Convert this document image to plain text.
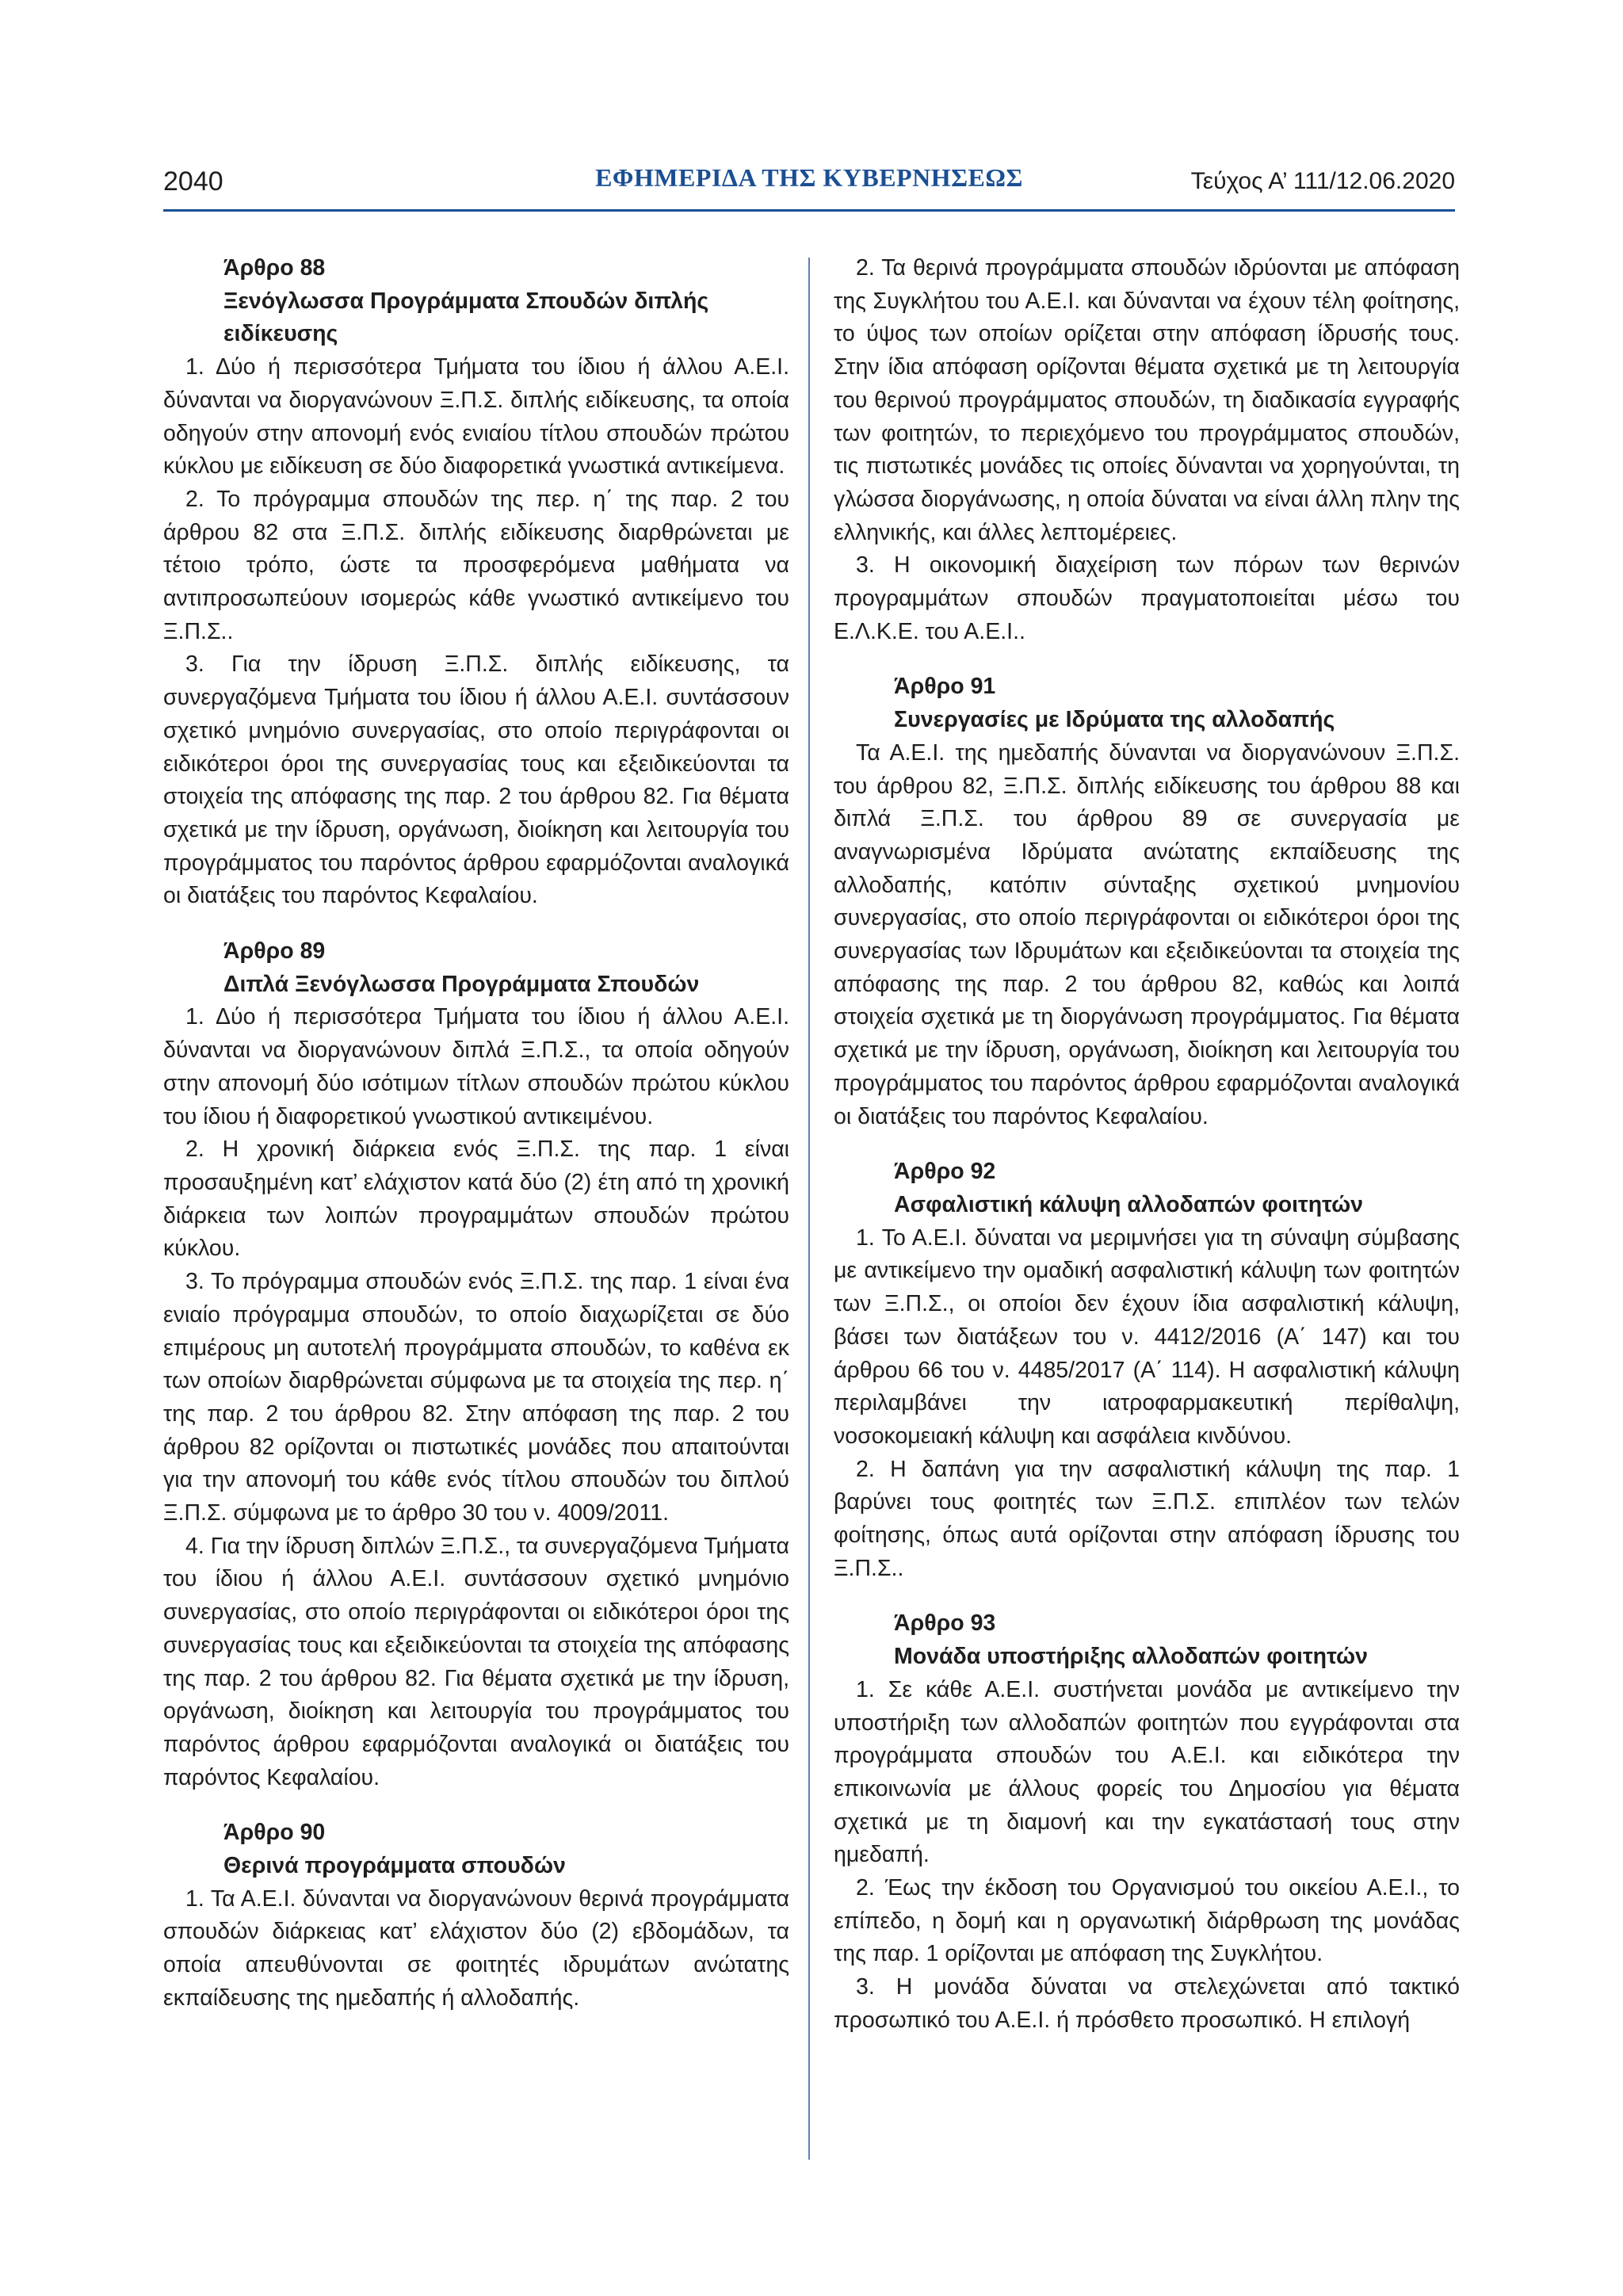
2040	ΕΦΗΜΕΡΙΔΑ ΤΗΣ ΚΥΒΕΡΝΗΣΕΩΣ	Τεύχος Α’ 111/12.06.2020
Άρθρο 88
Ξενόγλωσσα Προγράμματα Σπουδών διπλής ειδίκευσης

1. Δύο ή περισσότερα Τμήματα του ίδιου ή άλλου Α.Ε.Ι. δύνανται να διοργανώνουν Ξ.Π.Σ. διπλής ειδίκευσης, τα οποία οδηγούν στην απονομή ενός ενιαίου τίτλου σπουδών πρώτου κύκλου με ειδίκευση σε δύο διαφορετικά γνωστικά αντικείμενα.

2. Το πρόγραμμα σπουδών της περ. η΄ της παρ. 2 του άρθρου 82 στα Ξ.Π.Σ. διπλής ειδίκευσης διαρθρώνεται με τέτοιο τρόπο, ώστε τα προσφερόμενα μαθήματα να αντιπροσωπεύουν ισομερώς κάθε γνωστικό αντικείμενο του Ξ.Π.Σ..

3. Για την ίδρυση Ξ.Π.Σ. διπλής ειδίκευσης, τα συνεργαζόμενα Τμήματα του ίδιου ή άλλου Α.Ε.Ι. συντάσσουν σχετικό μνημόνιο συνεργασίας, στο οποίο περιγράφονται οι ειδικότεροι όροι της συνεργασίας τους και εξειδικεύονται τα στοιχεία της απόφασης της παρ. 2 του άρθρου 82. Για θέματα σχετικά με την ίδρυση, οργάνωση, διοίκηση και λειτουργία του προγράμματος του παρόντος άρθρου εφαρμόζονται αναλογικά οι διατάξεις του παρόντος Κεφαλαίου.

Άρθρο 89
Διπλά Ξενόγλωσσα Προγράμματα Σπουδών

1. Δύο ή περισσότερα Τμήματα του ίδιου ή άλλου Α.Ε.Ι. δύνανται να διοργανώνουν διπλά Ξ.Π.Σ., τα οποία οδηγούν στην απονομή δύο ισότιμων τίτλων σπουδών πρώτου κύκλου του ίδιου ή διαφορετικού γνωστικού αντικειμένου.

2. Η χρονική διάρκεια ενός Ξ.Π.Σ. της παρ. 1 είναι προσαυξημένη κατ’ ελάχιστον κατά δύο (2) έτη από τη χρονική διάρκεια των λοιπών προγραμμάτων σπουδών πρώτου κύκλου.

3. Το πρόγραμμα σπουδών ενός Ξ.Π.Σ. της παρ. 1 είναι ένα ενιαίο πρόγραμμα σπουδών, το οποίο διαχωρίζεται σε δύο επιμέρους μη αυτοτελή προγράμματα σπουδών, το καθένα εκ των οποίων διαρθρώνεται σύμφωνα με τα στοιχεία της περ. η΄ της παρ. 2 του άρθρου 82. Στην απόφαση της παρ. 2 του άρθρου 82 ορίζονται οι πιστωτικές μονάδες που απαιτούνται για την απονομή του κάθε ενός τίτλου σπουδών του διπλού Ξ.Π.Σ. σύμφωνα με το άρθρο 30 του ν. 4009/2011.

4. Για την ίδρυση διπλών Ξ.Π.Σ., τα συνεργαζόμενα Τμήματα του ίδιου ή άλλου Α.Ε.Ι. συντάσσουν σχετικό μνημόνιο συνεργασίας, στο οποίο περιγράφονται οι ειδικότεροι όροι της συνεργασίας τους και εξειδικεύονται τα στοιχεία της απόφασης της παρ. 2 του άρθρου 82. Για θέματα σχετικά με την ίδρυση, οργάνωση, διοίκηση και λειτουργία του προγράμματος του παρόντος άρθρου εφαρμόζονται αναλογικά οι διατάξεις του παρόντος Κεφαλαίου.

Άρθρο 90
Θερινά προγράμματα σπουδών

1. Τα Α.Ε.Ι. δύνανται να διοργανώνουν θερινά προγράμματα σπουδών διάρκειας κατ’ ελάχιστον δύο (2) εβδομάδων, τα οποία απευθύνονται σε φοιτητές ιδρυμάτων ανώτατης εκπαίδευσης της ημεδαπής ή αλλοδαπής.

2. Τα θερινά προγράμματα σπουδών ιδρύονται με απόφαση της Συγκλήτου του Α.Ε.Ι. και δύνανται να έχουν τέλη φοίτησης, το ύψος των οποίων ορίζεται στην απόφαση ίδρυσής τους. Στην ίδια απόφαση ορίζονται θέματα σχετικά με τη λειτουργία του θερινού προγράμματος σπουδών, τη διαδικασία εγγραφής των φοιτητών, το περιεχόμενο του προγράμματος σπουδών, τις πιστωτικές μονάδες τις οποίες δύνανται να χορηγούνται, τη γλώσσα διοργάνωσης, η οποία δύναται να είναι άλλη πλην της ελληνικής, και άλλες λεπτομέρειες.

3. Η οικονομική διαχείριση των πόρων των θερινών προγραμμάτων σπουδών πραγματοποιείται μέσω του Ε.Λ.Κ.Ε. του Α.Ε.Ι..

Άρθρο 91
Συνεργασίες με Ιδρύματα της αλλοδαπής

Τα Α.Ε.Ι. της ημεδαπής δύνανται να διοργανώνουν Ξ.Π.Σ. του άρθρου 82, Ξ.Π.Σ. διπλής ειδίκευσης του άρθρου 88 και διπλά Ξ.Π.Σ. του άρθρου 89 σε συνεργασία με αναγνωρισμένα Ιδρύματα ανώτατης εκπαίδευσης της αλλοδαπής, κατόπιν σύνταξης σχετικού μνημονίου συνεργασίας, στο οποίο περιγράφονται οι ειδικότεροι όροι της συνεργασίας των Ιδρυμάτων και εξειδικεύονται τα στοιχεία της απόφασης της παρ. 2 του άρθρου 82, καθώς και λοιπά στοιχεία σχετικά με τη διοργάνωση προγράμματος. Για θέματα σχετικά με την ίδρυση, οργάνωση, διοίκηση και λειτουργία του προγράμματος του παρόντος άρθρου εφαρμόζονται αναλογικά οι διατάξεις του παρόντος Κεφαλαίου.

Άρθρο 92
Ασφαλιστική κάλυψη αλλοδαπών φοιτητών

1. Το Α.Ε.Ι. δύναται να μεριμνήσει για τη σύναψη σύμβασης με αντικείμενο την ομαδική ασφαλιστική κάλυψη των φοιτητών των Ξ.Π.Σ., οι οποίοι δεν έχουν ίδια ασφαλιστική κάλυψη, βάσει των διατάξεων του ν. 4412/2016 (Α΄ 147) και του άρθρου 66 του ν. 4485/2017 (Α΄ 114). Η ασφαλιστική κάλυψη περιλαμβάνει την ιατροφαρμακευτική περίθαλψη, νοσοκομειακή κάλυψη και ασφάλεια κινδύνου.

2. Η δαπάνη για την ασφαλιστική κάλυψη της παρ. 1 βαρύνει τους φοιτητές των Ξ.Π.Σ. επιπλέον των τελών φοίτησης, όπως αυτά ορίζονται στην απόφαση ίδρυσης του Ξ.Π.Σ..

Άρθρο 93
Μονάδα υποστήριξης αλλοδαπών φοιτητών

1. Σε κάθε Α.Ε.Ι. συστήνεται μονάδα με αντικείμενο την υποστήριξη των αλλοδαπών φοιτητών που εγγράφονται στα προγράμματα σπουδών του Α.Ε.Ι. και ειδικότερα την επικοινωνία με άλλους φορείς του Δημοσίου για θέματα σχετικά με τη διαμονή και την εγκατάστασή τους στην ημεδαπή.

2. Έως την έκδοση του Οργανισμού του οικείου Α.Ε.Ι., το επίπεδο, η δομή και η οργανωτική διάρθρωση της μονάδας της παρ. 1 ορίζονται με απόφαση της Συγκλήτου.

3. Η μονάδα δύναται να στελεχώνεται από τακτικό προσωπικό του Α.Ε.Ι. ή πρόσθετο προσωπικό. Η επιλογή
